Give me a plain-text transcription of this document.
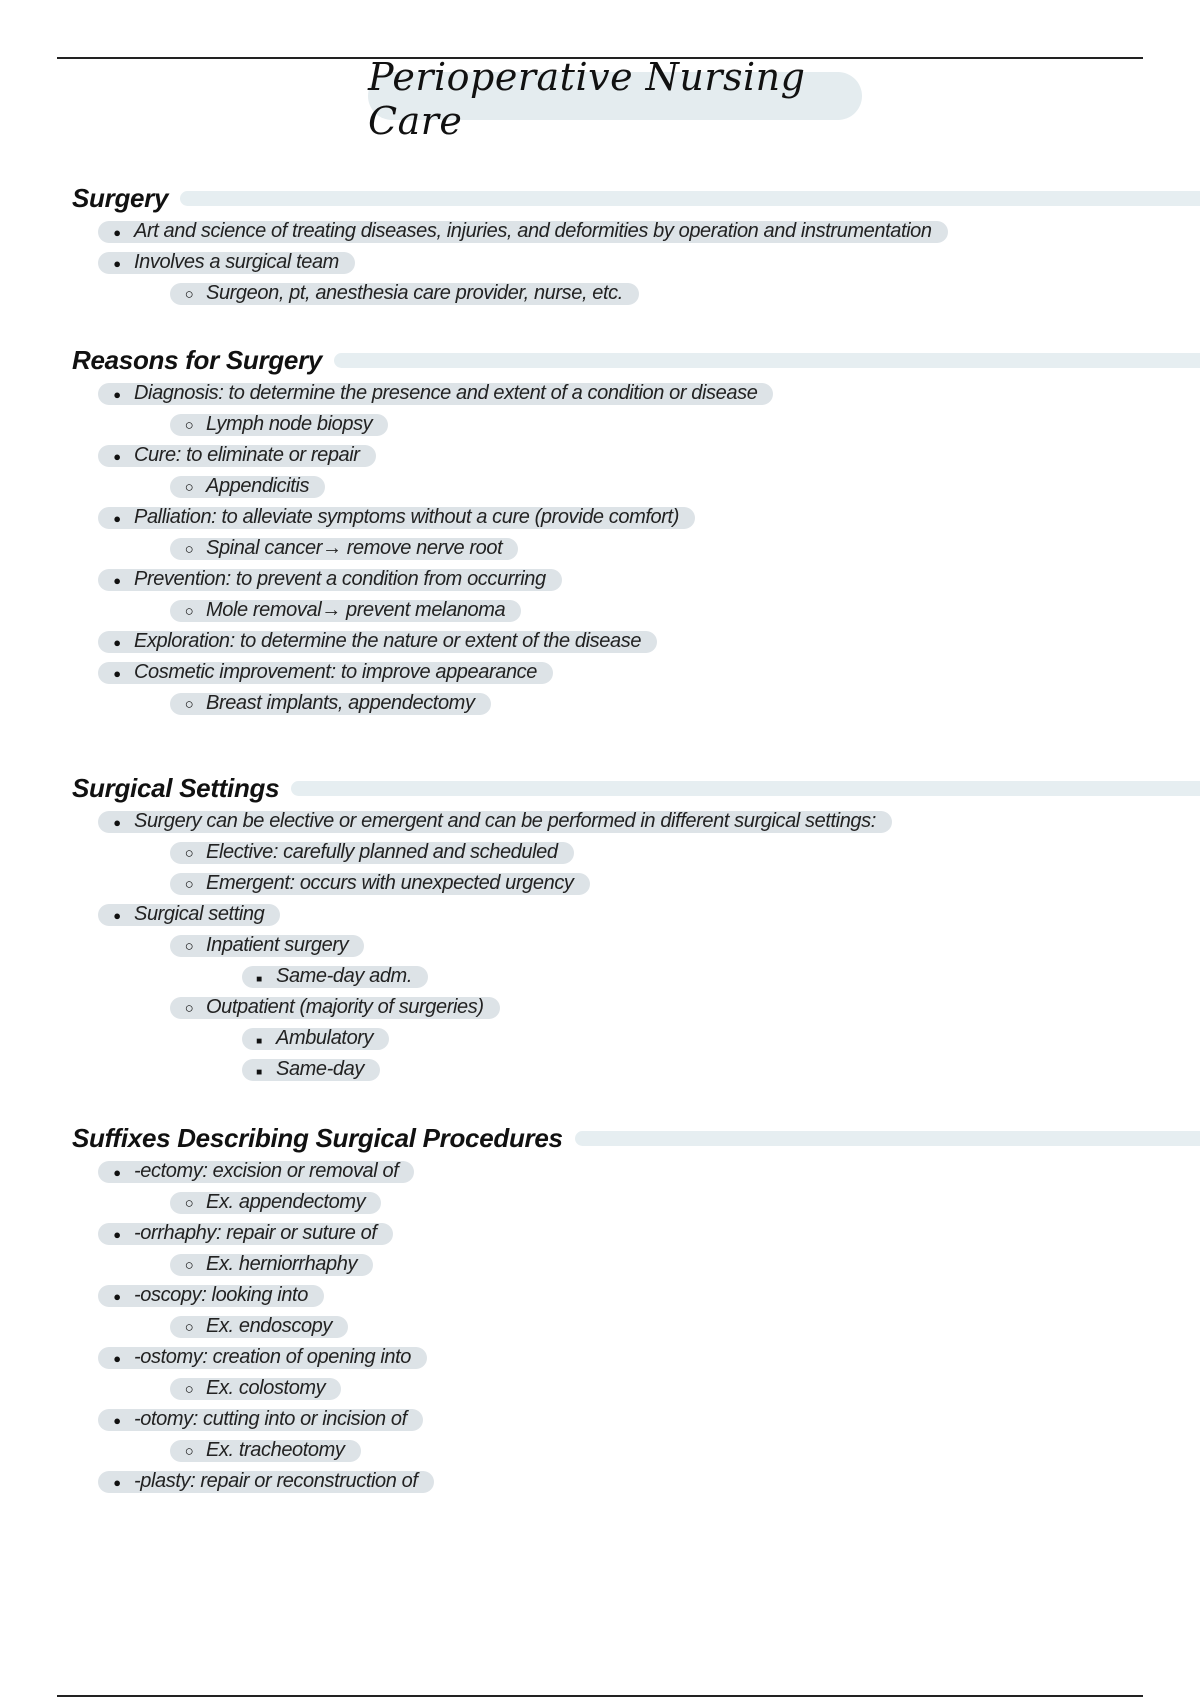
Perioperative Nursing Care
Surgery
●
Art and science of treating diseases, injuries, and deformities by operation and instrumentation
●
Involves a surgical team
○
Surgeon, pt, anesthesia care provider, nurse, etc.
Reasons for Surgery
●
Diagnosis: to determine the presence and extent of a condition or disease
○
Lymph node biopsy
●
Cure: to eliminate or repair
○
Appendicitis
●
Palliation: to alleviate symptoms without a cure (provide comfort)
○
Spinal cancer→ remove nerve root
●
Prevention: to prevent a condition from occurring
○
Mole removal→ prevent melanoma
●
Exploration: to determine the nature or extent of the disease
●
Cosmetic improvement: to improve appearance
○
Breast implants, appendectomy
Surgical Settings
●
Surgery can be elective or emergent and can be performed in different surgical settings:
○
Elective: carefully planned and scheduled
○
Emergent: occurs with unexpected urgency
●
Surgical setting
○
Inpatient surgery
■
Same-day adm.
○
Outpatient (majority of surgeries)
■
Ambulatory
■
Same-day
Suffixes Describing Surgical Procedures
●
-ectomy: excision or removal of
○
Ex. appendectomy
●
-orrhaphy: repair or suture of
○
Ex. herniorrhaphy
●
-oscopy: looking into
○
Ex. endoscopy
●
-ostomy: creation of opening into
○
Ex. colostomy
●
-otomy: cutting into or incision of
○
Ex. tracheotomy
●
-plasty: repair or reconstruction of
